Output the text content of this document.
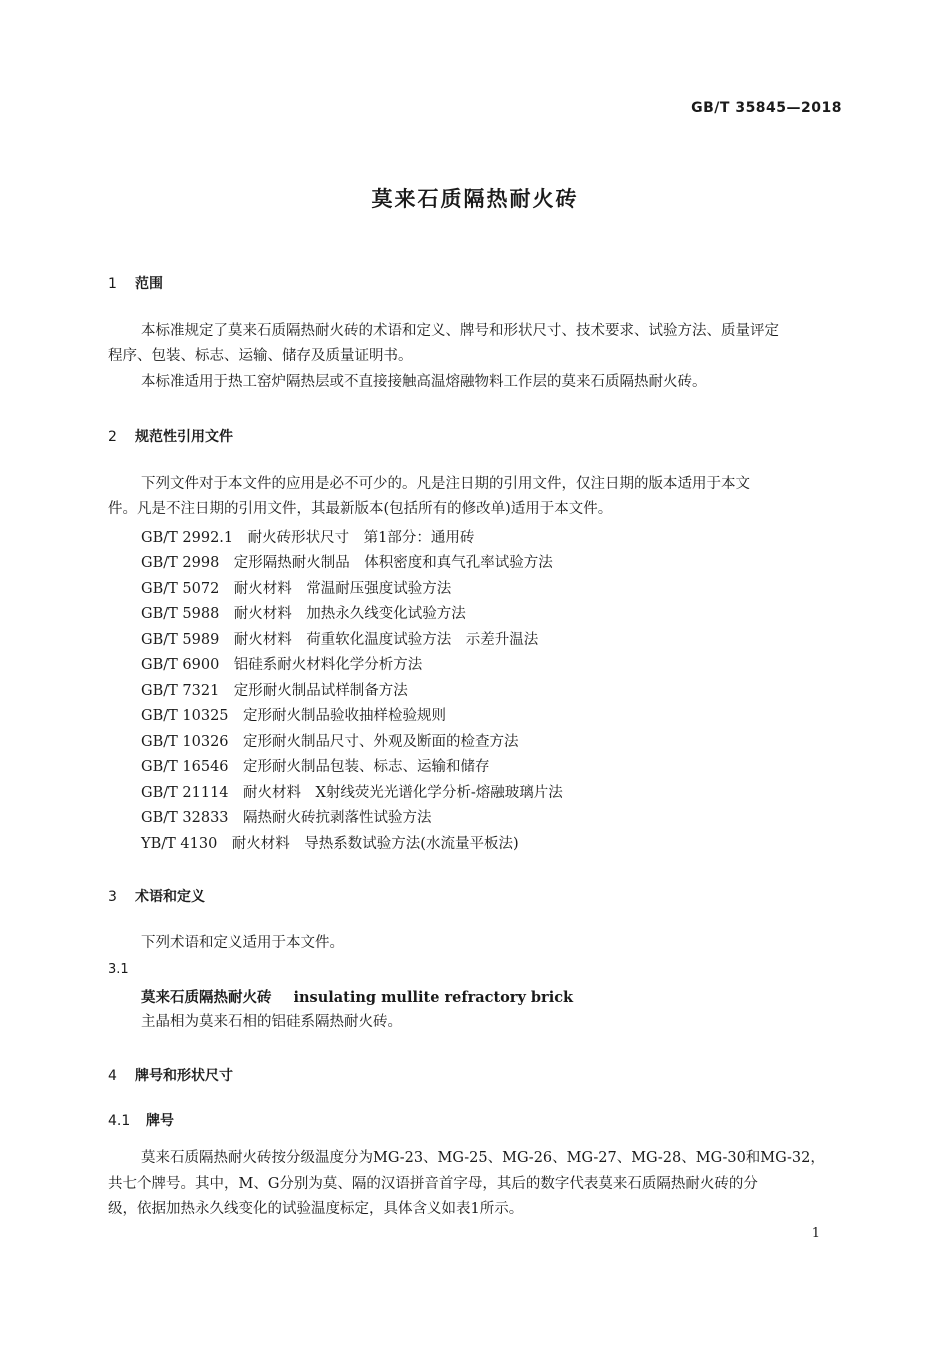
GB/T 35845—2018
莫来石质隔热耐火砖
1 范围
本标准规定了莫来石质隔热耐火砖的术语和定义、牌号和形状尺寸、技术要求、试验方法、质量评定
程序、包装、标志、运输、储存及质量证明书。
本标准适用于热工窑炉隔热层或不直接接触高温熔融物料工作层的莫来石质隔热耐火砖。
2 规范性引用文件
下列文件对于本文件的应用是必不可少的。凡是注日期的引用文件，仅注日期的版本适用于本文
件。凡是不注日期的引用文件，其最新版本(包括所有的修改单)适用于本文件。
GB/T 2992.1　耐火砖形状尺寸　第1部分：通用砖
GB/T 2998　定形隔热耐火制品　体积密度和真气孔率试验方法
GB/T 5072　耐火材料　常温耐压强度试验方法
GB/T 5988　耐火材料　加热永久线变化试验方法
GB/T 5989　耐火材料　荷重软化温度试验方法　示差升温法
GB/T 6900　铝硅系耐火材料化学分析方法
GB/T 7321　定形耐火制品试样制备方法
GB/T 10325　定形耐火制品验收抽样检验规则
GB/T 10326　定形耐火制品尺寸、外观及断面的检查方法
GB/T 16546　定形耐火制品包装、标志、运输和储存
GB/T 21114　耐火材料　X射线荧光光谱化学分析-熔融玻璃片法
GB/T 32833　隔热耐火砖抗剥落性试验方法
YB/T 4130　耐火材料　导热系数试验方法(水流量平板法)
3 术语和定义
下列术语和定义适用于本文件。
3.1
莫来石质隔热耐火砖 insulating mullite refractory brick
主晶相为莫来石相的铝硅系隔热耐火砖。
4 牌号和形状尺寸
4.1 牌号
莫来石质隔热耐火砖按分级温度分为MG-23、MG-25、MG-26、MG-27、MG-28、MG-30和MG-32，
共七个牌号。其中，M、G分别为莫、隔的汉语拼音首字母，其后的数字代表莫来石质隔热耐火砖的分
级，依据加热永久线变化的试验温度标定，具体含义如表1所示。
1
